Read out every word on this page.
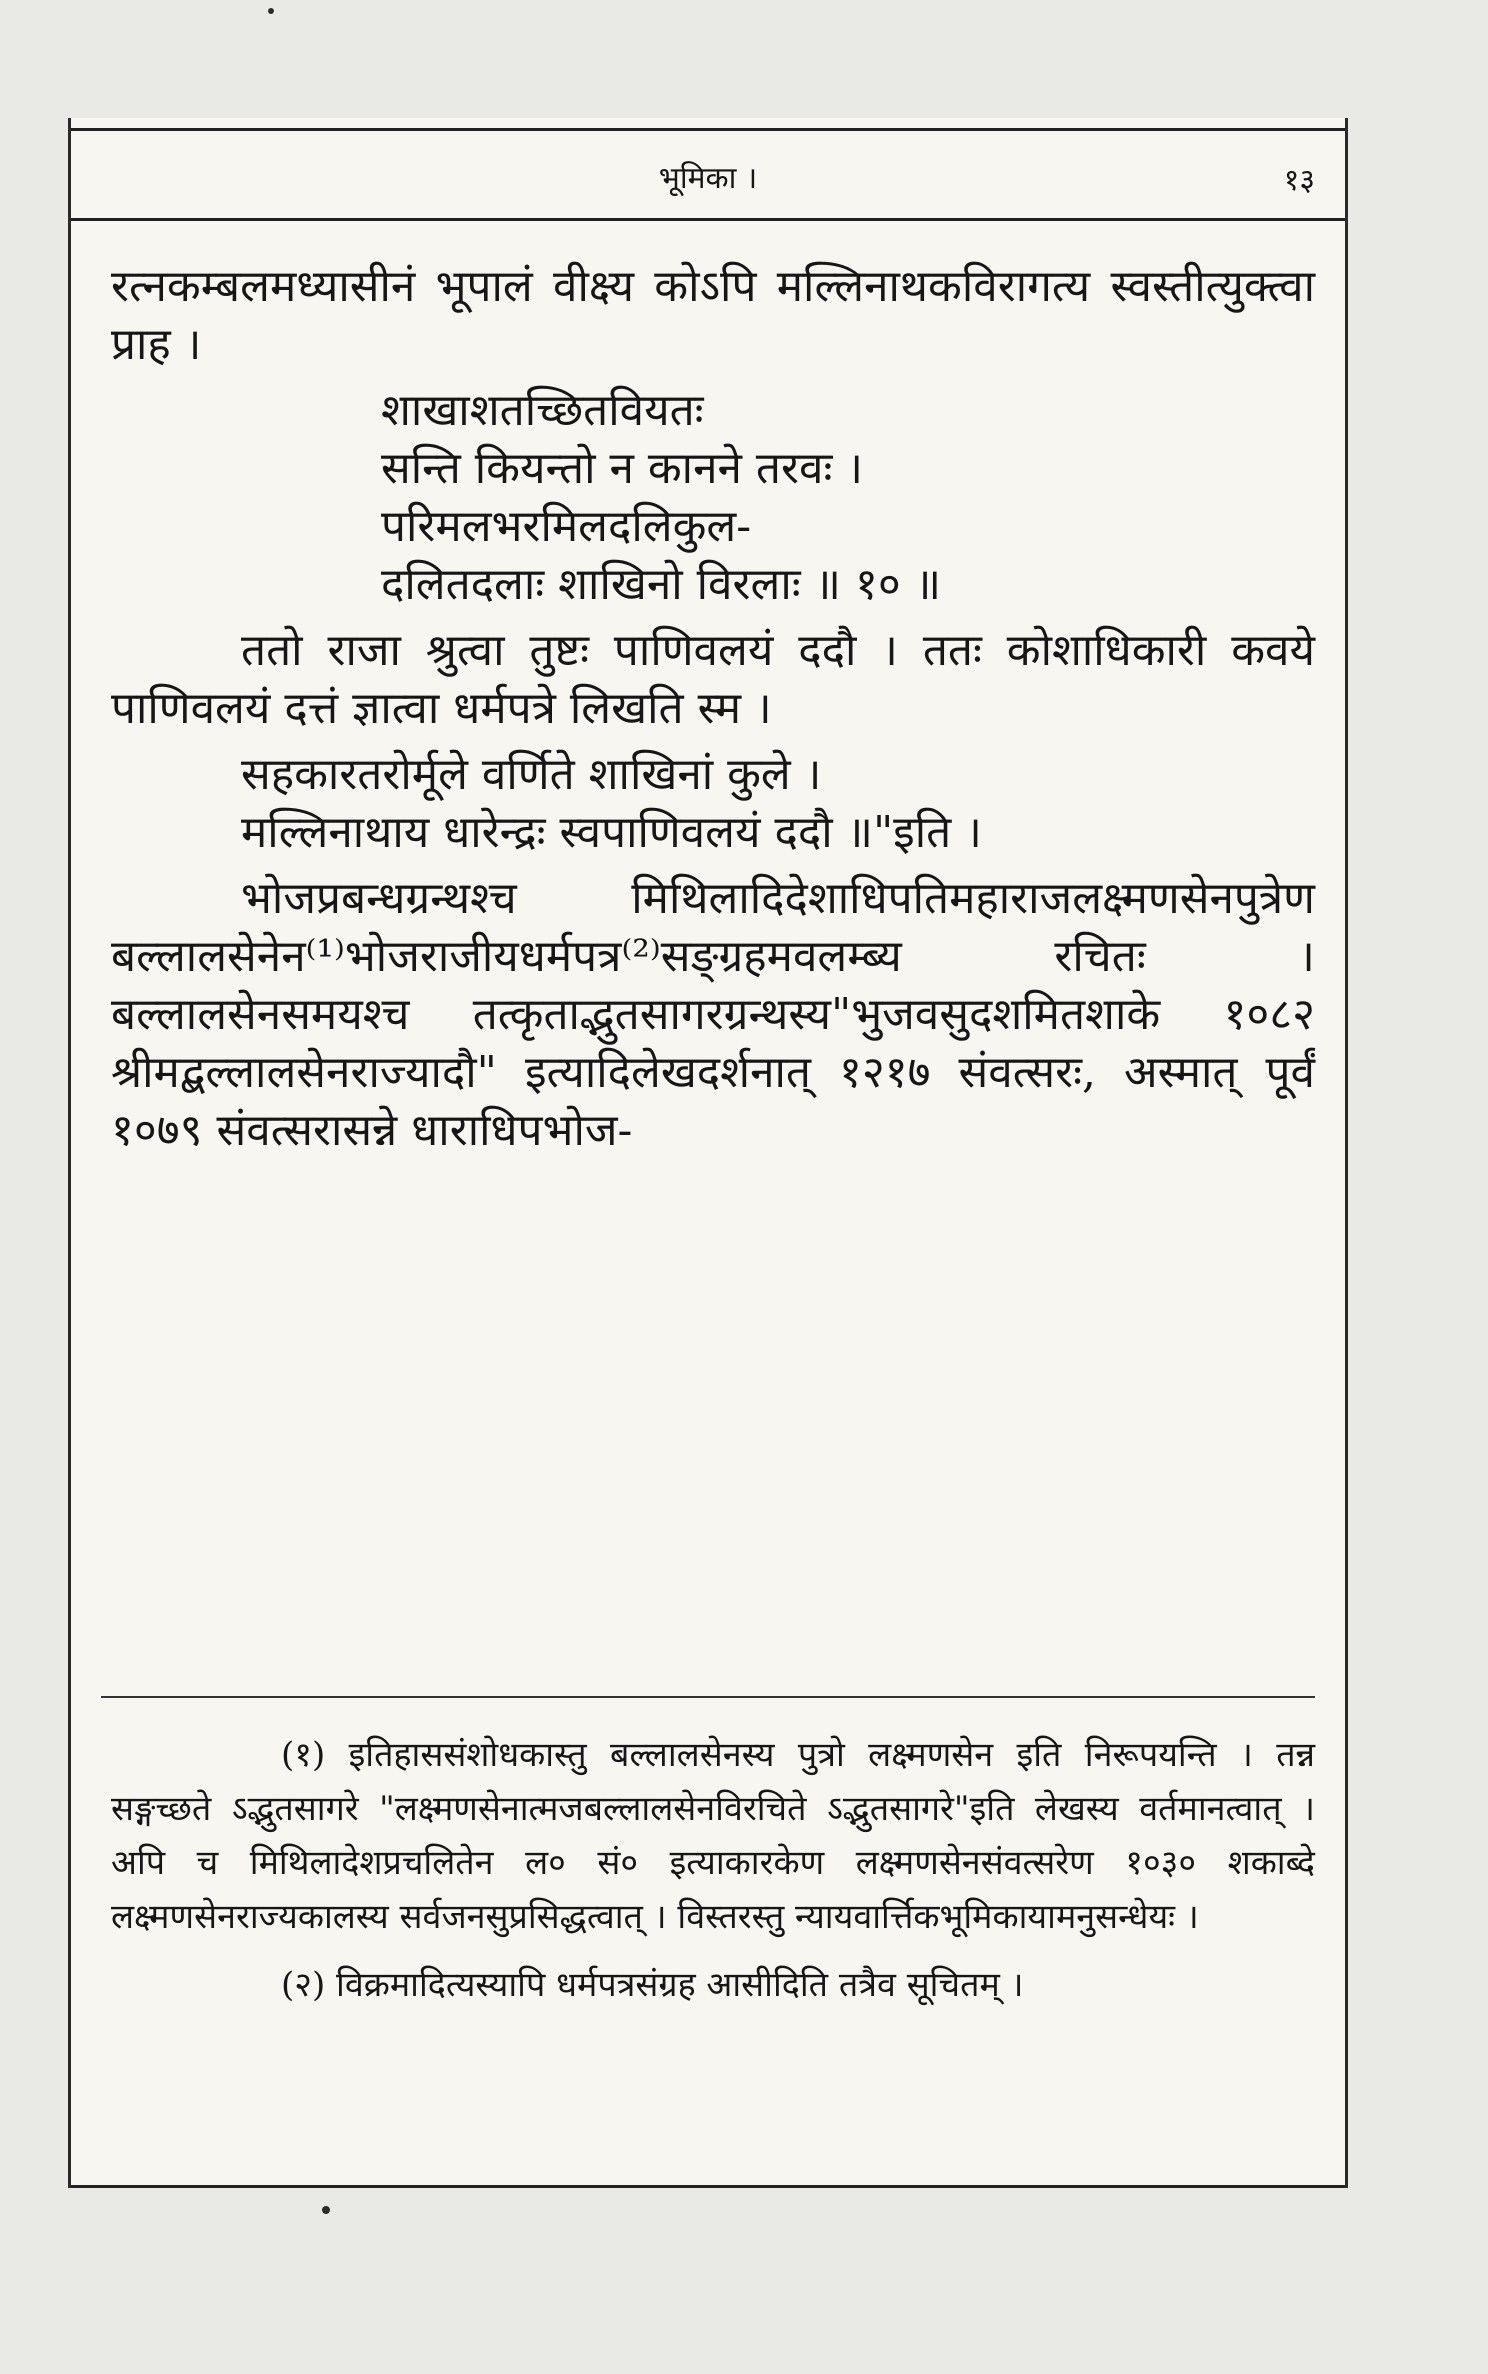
भूमिका ।	१३

रत्नकम्बलमध्यासीनं भूपालं वीक्ष्य कोऽपि मल्लिनाथकविरागत्य स्वस्तीत्युक्त्वा प्राह ।

शाखाशतच्छितवियतः

सन्ति कियन्तो न कानने तरवः ।

परिमलभरमिलदलिकुल-

दलितदलाः शाखिनो विरलाः ॥ १० ॥

ततो राजा श्रुत्वा तुष्टः पाणिवलयं ददौ । ततः कोशाधिकारी कवये पाणिवलयं दत्तं ज्ञात्वा धर्मपत्रे लिखति स्म ।

सहकारतरोर्मूले वर्णिते शाखिनां कुले ।

मल्लिनाथाय धारेन्द्रः स्वपाणिवलयं ददौ ॥"इति ।

भोजप्रबन्धग्रन्थश्च मिथिलादिदेशाधिपतिमहाराजलक्ष्मणसेनपुत्रेण बल्लालसेनेन⁽¹⁾भोजराजीयधर्मपत्र⁽²⁾सङ्ग्रहमवलम्ब्य रचितः । बल्लालसेनसमयश्च तत्कृताद्भुतसागरग्रन्थस्य"भुजवसुदशमितशाके १०८२ श्रीमद्बल्लालसेनराज्यादौ" इत्यादिलेखदर्शनात् १२१७ संवत्सरः, अस्मात् पूर्वं १०७९ संवत्सरासन्ने धाराधिपभोज-

(१) इतिहाससंशोधकास्तु बल्लालसेनस्य पुत्रो लक्ष्मणसेन इति निरूपयन्ति । तन्न सङ्गच्छते ऽद्भुतसागरे "लक्ष्मणसेनात्मजबल्लालसेनविरचिते ऽद्भुतसागरे"इति लेखस्य वर्तमानत्वात् । अपि च मिथिलादेशप्रचलितेन ल० सं० इत्याकारकेण लक्ष्मणसेनसंवत्सरेण १०३० शकाब्दे लक्ष्मणसेनराज्यकालस्य सर्वजनसुप्रसिद्धत्वात् । विस्तरस्तु न्यायवार्त्तिकभूमिकायामनुसन्धेयः ।

(२) विक्रमादित्यस्यापि धर्मपत्रसंग्रह आसीदिति तत्रैव सूचितम् ।
